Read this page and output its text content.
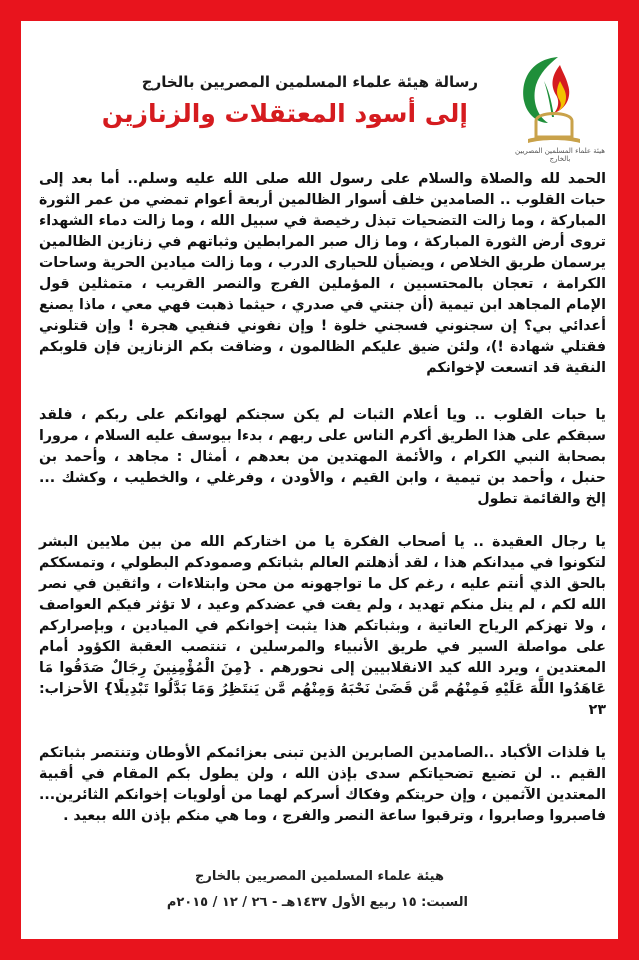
هيئة علماء المسلمين المصريين بالخارج
رسالة هيئة علماء المسلمين المصريين بالخارج
إلى أسود المعتقلات والزنازين

الحمد لله والصلاة والسلام على رسول الله صلى الله عليه وسلم.. أما بعد إلى حبات القلوب .. الصامدين خلف أسوار الظالمين أربعة أعوام تمضي من عمر الثورة المباركة ، وما زالت التضحيات تبذل رخيصة في سبيل الله ، وما زالت دماء الشهداء تروى أرض الثورة المباركة ، وما زال صبر المرابطين وثباتهم في زنازين الظالمين يرسمان طريق الخلاص ، ويضيأن للحيارى الدرب ، وما زالت ميادين الحرية وساحات الكرامة ، تعجان بالمحتسبين ، المؤملين الفرج والنصر القريب ، متمثلين قول الإمام المجاهد ابن تيمية (أن جنتي في صدري ، حيثما ذهبت فهي معي ، ماذا يصنع أعدائي بي؟ إن سجنوني فسجني خلوة ! وإن نفوني فنفيي هجرة ! وإن قتلوني فقتلي شهادة !)، ولئن ضيق عليكم الظالمون ، وضاقت بكم الزنازين فإن قلوبكم النقية قد اتسعت لإخوانكم

يا حبات القلوب .. ويا أعلام الثبات لم يكن سجنكم لهوانكم على ربكم ، فلقد سبقكم على هذا الطريق أكرم الناس على ربهم ، بدءا بيوسف عليه السلام ، مرورا بصحابة النبي الكرام ، والأئمة المهتدين من بعدهم ، أمثال : مجاهد ، وأحمد بن حنبل ، وأحمد بن تيمية ، وابن القيم ، والأودن ، وفرغلي ، والخطيب ، وكشك ... إلخ والقائمة تطول

يا رجال العقيدة .. يا أصحاب الفكرة يا من اختاركم الله من بين ملايين البشر لتكونوا في ميدانكم هذا ، لقد أذهلتم العالم بثباتكم وصمودكم البطولي ، وتمسككم بالحق الذي أنتم عليه ، رغم كل ما تواجهونه من محن وابتلاءات ، واثقين في نصر الله لكم ، لم ينل منكم تهديد ، ولم يفت في عضدكم وعيد ، لا تؤثر فيكم العواصف ، ولا تهزكم الرياح العاتية ، وبثباتكم هذا يثبت إخوانكم في الميادين ، وبإصراركم على مواصلة السير في طريق الأنبياء والمرسلين ، تنتصب العقبة الكؤود أمام المعتدين ، ويرد الله كيد الانقلابيين إلى نحورهم . {مِنَ الْمُؤْمِنِينَ رِجَالٌ صَدَقُوا مَا عَاهَدُوا اللَّهَ عَلَيْهِ فَمِنْهُم مَّن قَضَىٰ نَحْبَهُ وَمِنْهُم مَّن يَنتَظِرُ وَمَا بَدَّلُوا تَبْدِيلًا} الأحزاب: ٢٣

يا فلذات الأكباد ..الصامدين الصابرين الذين تبنى بعزائمكم الأوطان وتنتصر بثباتكم القيم .. لن تضيع تضحياتكم سدى بإذن الله ، ولن يطول بكم المقام في أقبية المعتدين الآثمين ، وإن حريتكم وفكاك أسركم لهما من أولويات إخوانكم الثائرين... فاصبروا وصابروا ، وترقبوا ساعة النصر والفرج ، وما هي منكم بإذن الله ببعيد .

هيئة علماء المسلمين المصريين بالخارج
السبت: ١٥ ربيع الأول ١٤٣٧هـ - ٢٦ / ١٢ / ٢٠١٥م
